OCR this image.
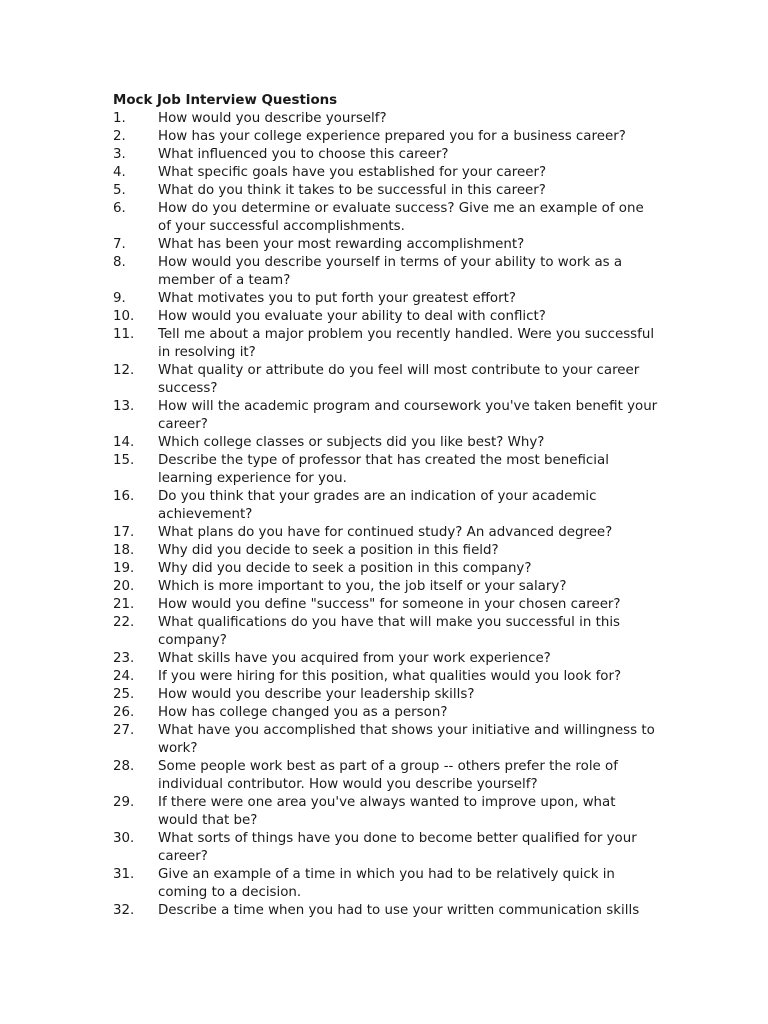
Mock Job Interview Questions
1.	How would you describe yourself?
2.	How has your college experience prepared you for a business career?
3.	What influenced you to choose this career?
4.	What specific goals have you established for your career?
5.	What do you think it takes to be successful in this career?
6.	How do you determine or evaluate success? Give me an example of one of your successful accomplishments.
7.	What has been your most rewarding accomplishment?
8.	How would you describe yourself in terms of your ability to work as a member of a team?
9.	What motivates you to put forth your greatest effort?
10.	How would you evaluate your ability to deal with conflict?
11.	Tell me about a major problem you recently handled. Were you successful in resolving it?
12.	What quality or attribute do you feel will most contribute to your career success?
13.	How will the academic program and coursework you've taken benefit your career?
14.	Which college classes or subjects did you like best? Why?
15.	Describe the type of professor that has created the most beneficial learning experience for you.
16.	Do you think that your grades are an indication of your academic achievement?
17.	What plans do you have for continued study? An advanced degree?
18.	Why did you decide to seek a position in this field?
19.	Why did you decide to seek a position in this company?
20.	Which is more important to you, the job itself or your salary?
21.	How would you define "success" for someone in your chosen career?
22.	What qualifications do you have that will make you successful in this company?
23.	What skills have you acquired from your work experience?
24.	If you were hiring for this position, what qualities would you look for?
25.	How would you describe your leadership skills?
26.	How has college changed you as a person?
27.	What have you accomplished that shows your initiative and willingness to work?
28.	Some people work best as part of a group -- others prefer the role of individual contributor. How would you describe yourself?
29.	If there were one area you've always wanted to improve upon, what would that be?
30.	What sorts of things have you done to become better qualified for your career?
31.	Give an example of a time in which you had to be relatively quick in coming to a decision.
32.	Describe a time when you had to use your written communication skills
